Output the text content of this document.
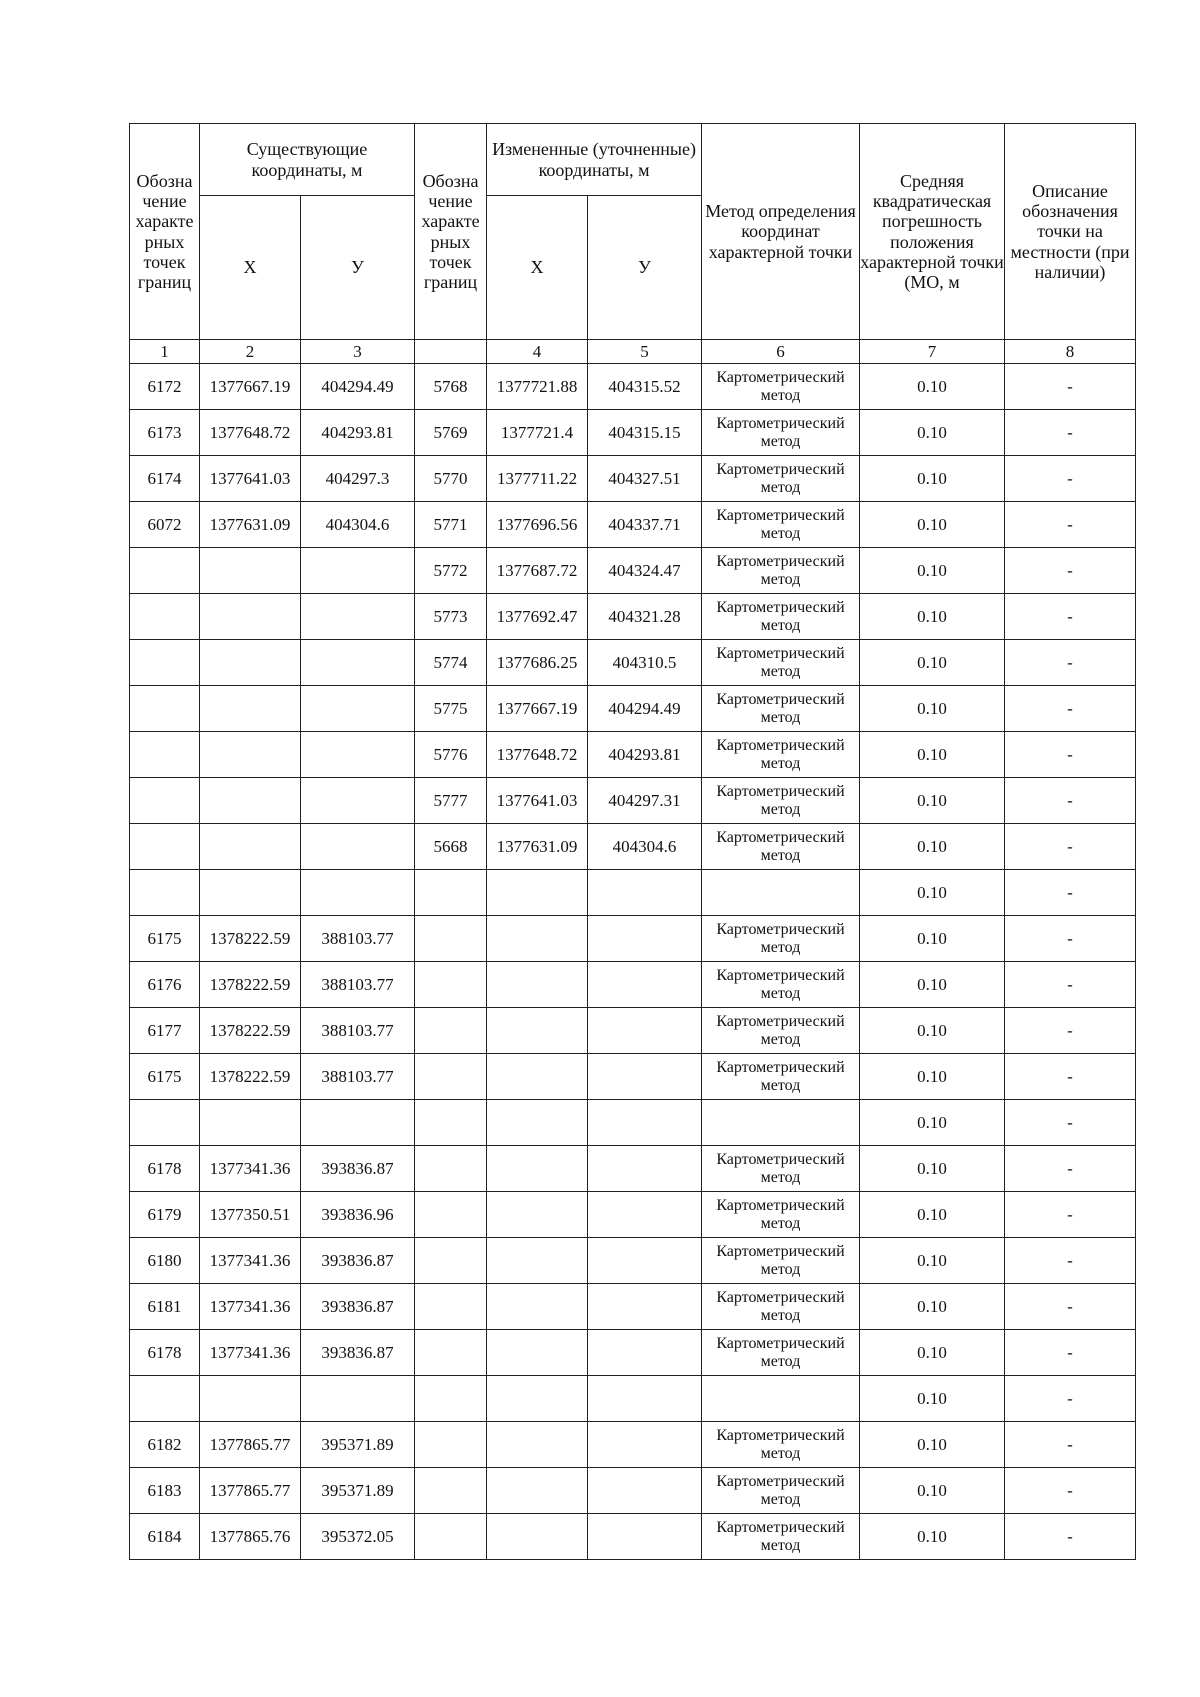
Обозна чение характе рных точек границ	Существующие координаты, м		Обозна чение характе рных точек границ	Измененные (уточненные) координаты, м		Метод определения координат характерной точки	Средняя квадратическая погрешность положения характерной точки (МО, м	Описание обозначения точки на местности (при наличии)
	Х	У		Х	У			
1	2	3		4	5	6	7	8
6172	1377667.19	404294.49	5768	1377721.88	404315.52	Картометрический метод	0.10	-
6173	1377648.72	404293.81	5769	1377721.4	404315.15	Картометрический метод	0.10	-
6174	1377641.03	404297.3	5770	1377711.22	404327.51	Картометрический метод	0.10	-
6072	1377631.09	404304.6	5771	1377696.56	404337.71	Картометрический метод	0.10	-
			5772	1377687.72	404324.47	Картометрический метод	0.10	-
			5773	1377692.47	404321.28	Картометрический метод	0.10	-
			5774	1377686.25	404310.5	Картометрический метод	0.10	-
			5775	1377667.19	404294.49	Картометрический метод	0.10	-
			5776	1377648.72	404293.81	Картометрический метод	0.10	-
			5777	1377641.03	404297.31	Картометрический метод	0.10	-
			5668	1377631.09	404304.6	Картометрический метод	0.10	-
							0.10	-
6175	1378222.59	388103.77				Картометрический метод	0.10	-
6176	1378222.59	388103.77				Картометрический метод	0.10	-
6177	1378222.59	388103.77				Картометрический метод	0.10	-
6175	1378222.59	388103.77				Картометрический метод	0.10	-
							0.10	-
6178	1377341.36	393836.87				Картометрический метод	0.10	-
6179	1377350.51	393836.96				Картометрический метод	0.10	-
6180	1377341.36	393836.87				Картометрический метод	0.10	-
6181	1377341.36	393836.87				Картометрический метод	0.10	-
6178	1377341.36	393836.87				Картометрический метод	0.10	-
							0.10	-
6182	1377865.77	395371.89				Картометрический метод	0.10	-
6183	1377865.77	395371.89				Картометрический метод	0.10	-
6184	1377865.76	395372.05				Картометрический метод	0.10	-
